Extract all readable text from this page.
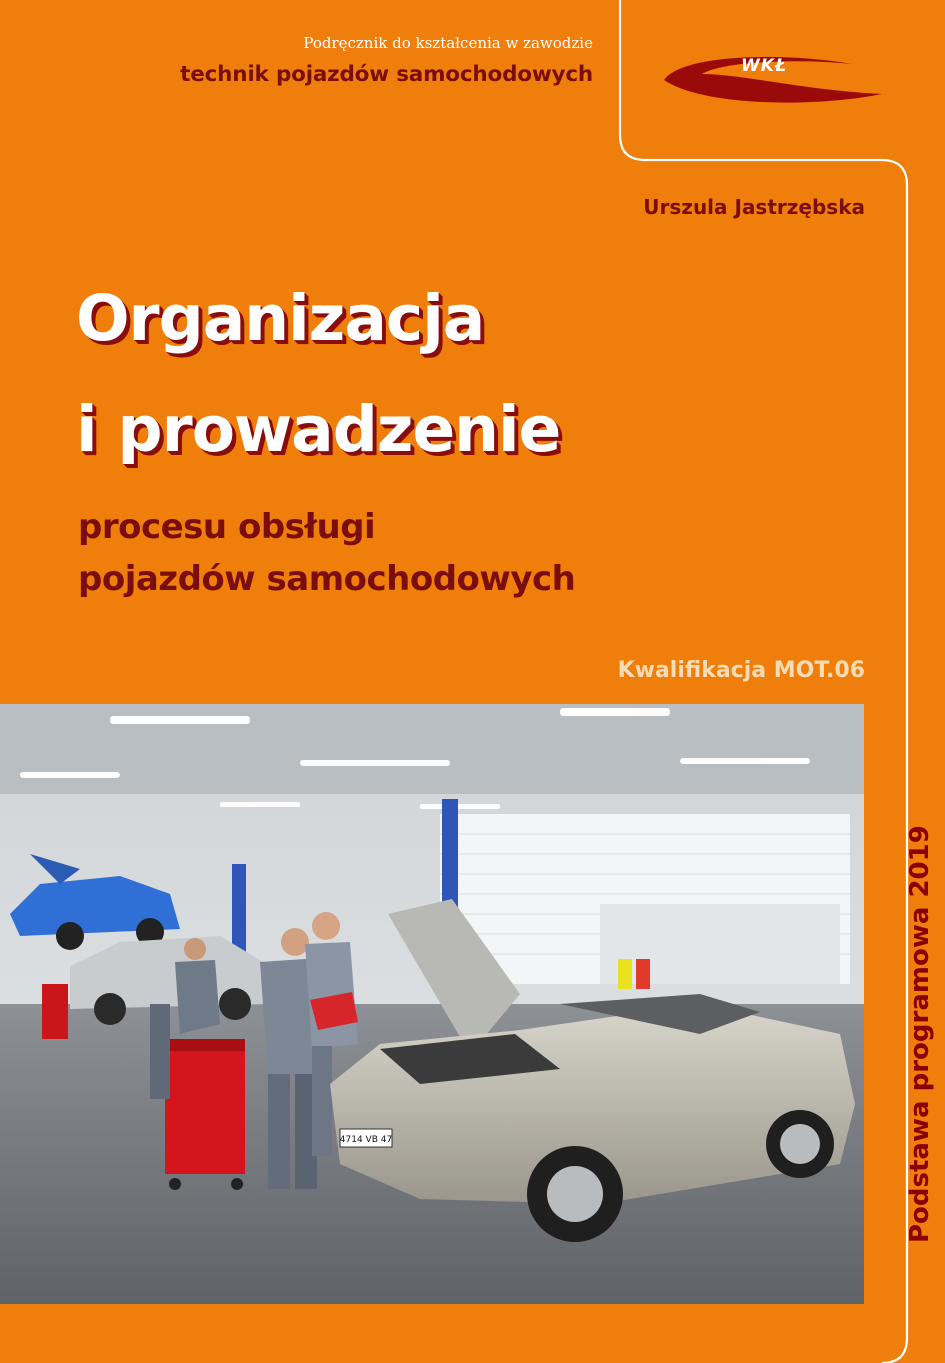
Podręcznik do kształcenia w zawodzie
technik pojazdów samochodowych	WKŁ
Urszula Jastrzębska
Organizacja
i prowadzenie
procesu obsługi
pojazdów samochodowych
Kwalifikacja MOT.06
4714 VB 47	Podstawa programowa 2019
